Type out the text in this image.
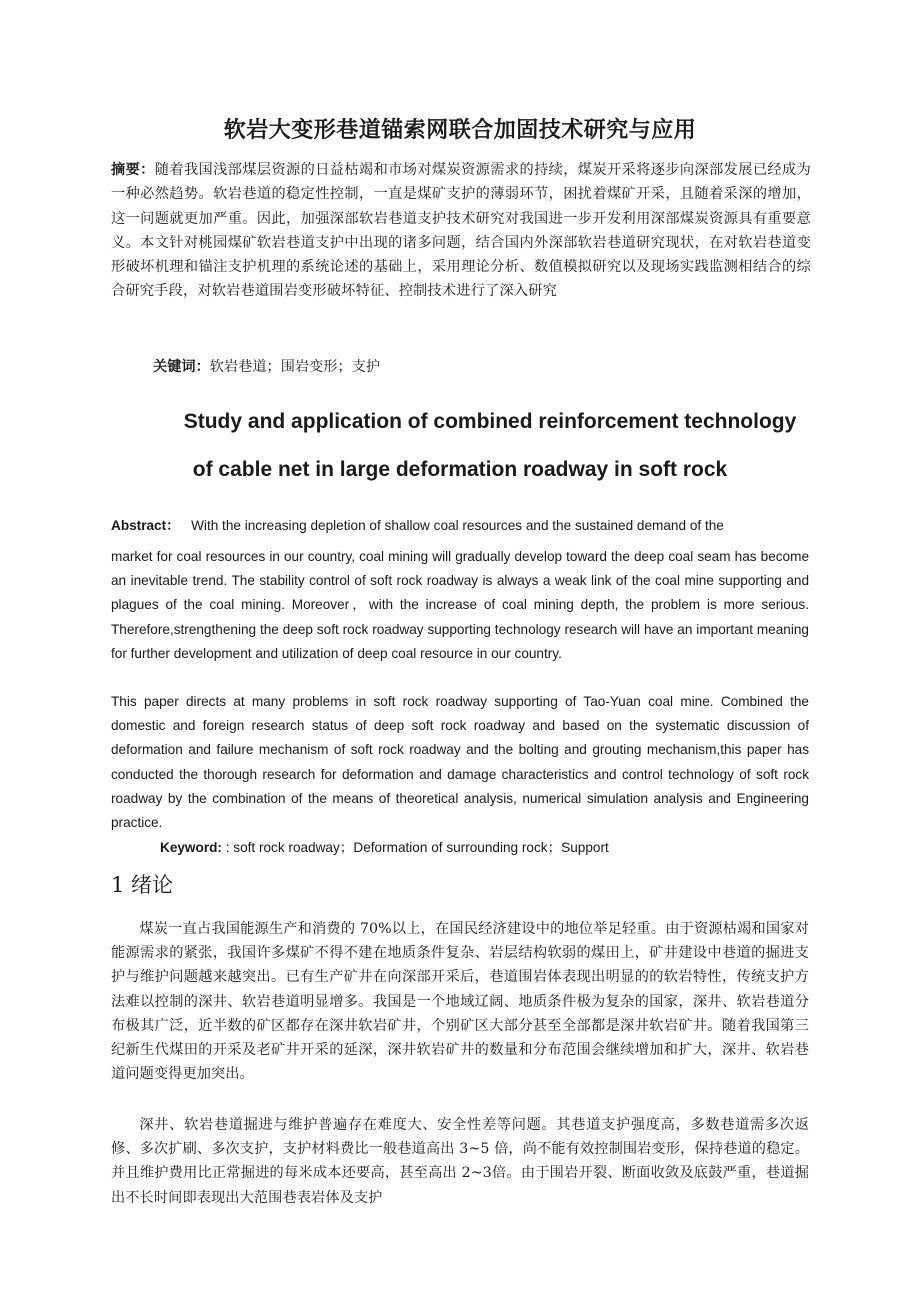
软岩大变形巷道锚索网联合加固技术研究与应用
摘要：随着我国浅部煤层资源的日益枯竭和市场对煤炭资源需求的持续，煤炭开采将逐步向深部发展已经成为一种必然趋势。软岩巷道的稳定性控制，一直是煤矿支护的薄弱环节，困扰着煤矿开采，且随着采深的增加，这一问题就更加严重。因此，加强深部软岩巷道支护技术研究对我国进一步开发利用深部煤炭资源具有重要意义。本文针对桃园煤矿软岩巷道支护中出现的诸多问题，结合国内外深部软岩巷道研究现状，在对软岩巷道变形破坏机理和锚注支护机理的系统论述的基础上，采用理论分析、数值模拟研究以及现场实践监测相结合的综合研究手段，对软岩巷道围岩变形破坏特征、控制技术进行了深入研究
关键词：软岩巷道；围岩变形；支护
Study and application of combined reinforcement technology
of cable net in large deformation roadway in soft rock
Abstract： With the increasing depletion of shallow coal resources and the sustained demand of the
market for coal resources in our country, coal mining will gradually develop toward the deep coal seam has become an inevitable trend. The stability control of soft rock roadway is always a weak link of the coal mine supporting and plagues of the coal mining. Moreover，with the increase of coal mining depth, the problem is more serious. Therefore,strengthening the deep soft rock roadway supporting technology research will have an important meaning for further development and utilization of deep coal resource in our country.
This paper directs at many problems in soft rock roadway supporting of Tao-Yuan coal mine. Combined the domestic and foreign research status of deep soft rock roadway and based on the systematic discussion of deformation and failure mechanism of soft rock roadway and the bolting and grouting mechanism,this paper has conducted the thorough research for deformation and damage characteristics and control technology of soft rock roadway by the combination of the means of theoretical analysis, numerical simulation analysis and Engineering practice.
Keyword: : soft rock roadway；Deformation of surrounding rock；Support
1 绪论
煤炭一直占我国能源生产和消费的 70%以上，在国民经济建设中的地位举足轻重。由于资源枯竭和国家对能源需求的紧张，我国许多煤矿不得不建在地质条件复杂、岩层结构软弱的煤田上，矿井建设中巷道的掘进支护与维护问题越来越突出。已有生产矿井在向深部开采后，巷道围岩体表现出明显的的软岩特性，传统支护方法难以控制的深井、软岩巷道明显增多。我国是一个地域辽阔、地质条件极为复杂的国家，深井、软岩巷道分布极其广泛，近半数的矿区都存在深井软岩矿井，个别矿区大部分甚至全部都是深井软岩矿井。随着我国第三纪新生代煤田的开采及老矿井开采的延深，深井软岩矿井的数量和分布范围会继续增加和扩大，深井、软岩巷道问题变得更加突出。
深井、软岩巷道掘进与维护普遍存在难度大、安全性差等问题。其巷道支护强度高，多数巷道需多次返修、多次扩刷、多次支护，支护材料费比一般巷道高出 3~5 倍，尚不能有效控制围岩变形，保持巷道的稳定。并且维护费用比正常掘进的每米成本还要高，甚至高出 2~3倍。由于围岩开裂、断面收敛及底鼓严重，巷道掘出不长时间即表现出大范围巷表岩体及支护
